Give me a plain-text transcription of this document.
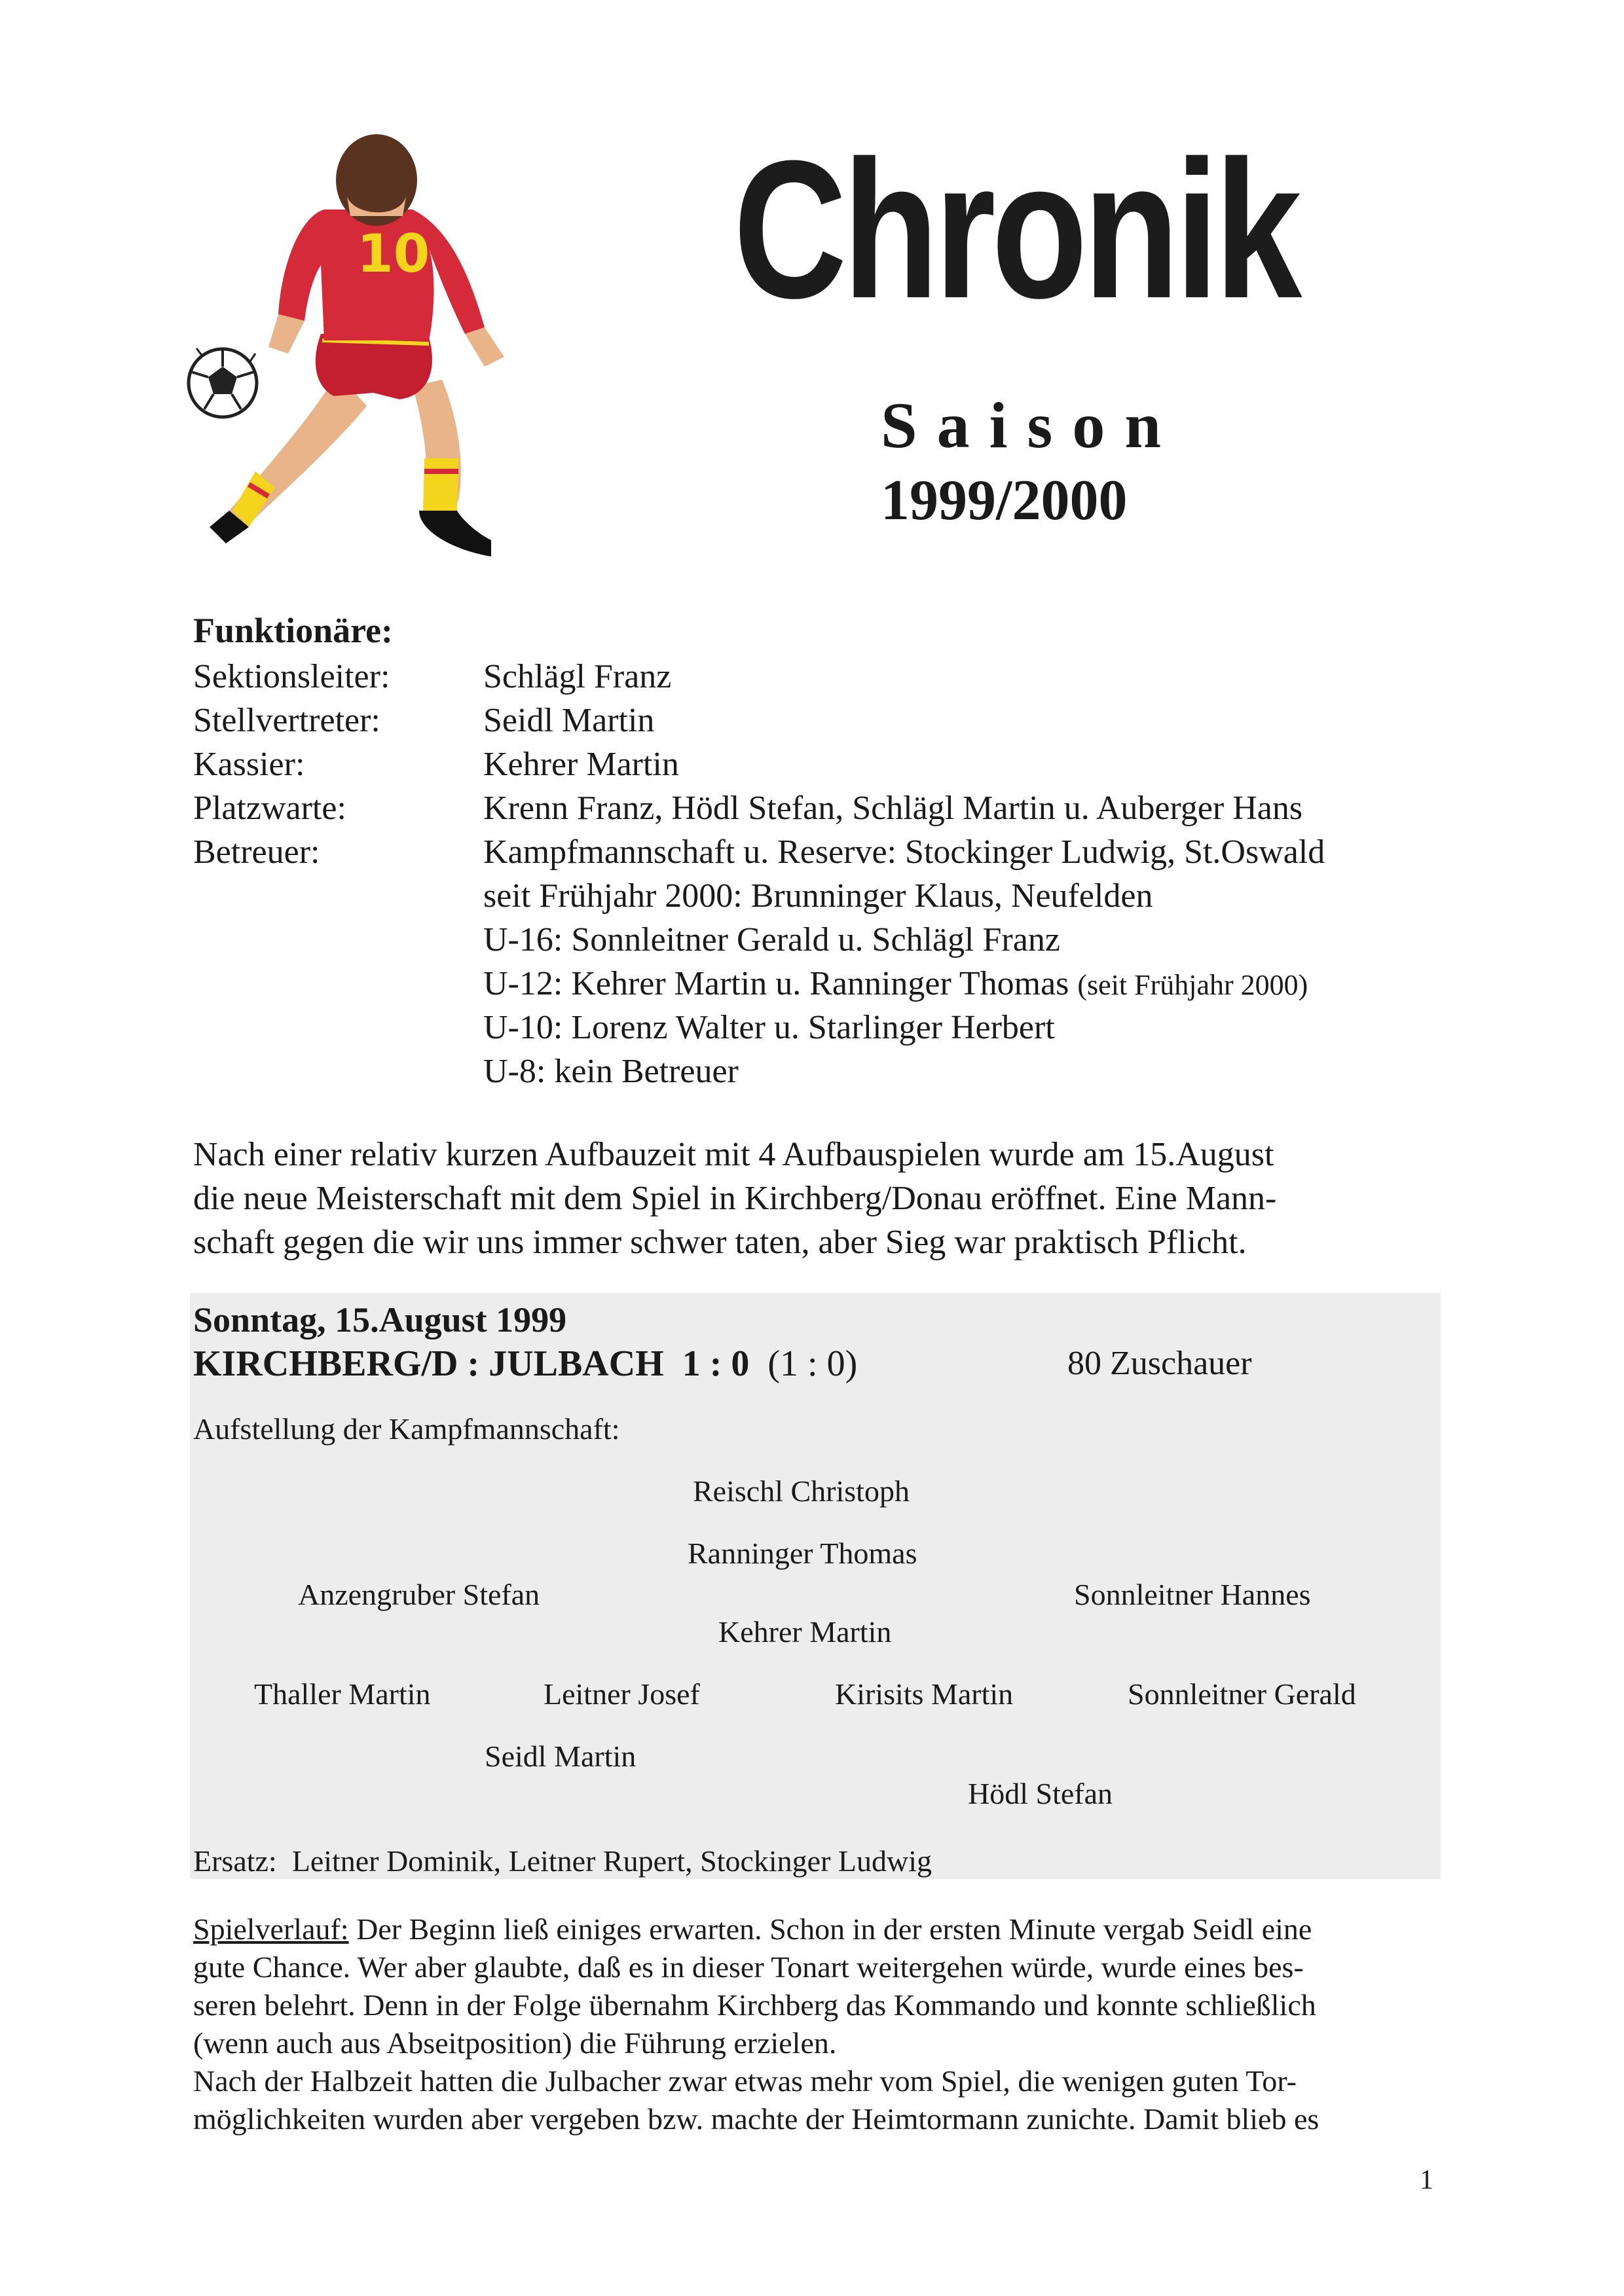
10 Chronik
Saison
1999/2000
Funktionäre:
Sektionsleiter:	Schlägl Franz
Stellvertreter:	Seidl Martin
Kassier:	Kehrer Martin
Platzwarte:	Krenn Franz, Hödl Stefan, Schlägl Martin u. Auberger Hans
Betreuer:	Kampfmannschaft u. Reserve: Stockinger Ludwig, St.Oswald
seit Frühjahr 2000: Brunninger Klaus, Neufelden
U-16: Sonnleitner Gerald u. Schlägl Franz
U-12: Kehrer Martin u. Ranninger Thomas (seit Frühjahr 2000)
U-10: Lorenz Walter u. Starlinger Herbert
U-8: kein Betreuer

Nach einer relativ kurzen Aufbauzeit mit 4 Aufbauspielen wurde am 15.August

die neue Meisterschaft mit dem Spiel in Kirchberg/Donau eröffnet. Eine Mann-

schaft gegen die wir uns immer schwer taten, aber Sieg war praktisch Pflicht.

Sonntag, 15.August 1999
KIRCHBERG/D : JULBACH 1 : 0 (1 : 0)	80 Zuschauer
Aufstellung der Kampfmannschaft:
Reischl Christoph
Ranninger Thomas
Anzengruber Stefan	Sonnleitner Hannes
Kehrer Martin
Thaller Martin	Leitner Josef	Kirisits Martin	Sonnleitner Gerald
Seidl Martin
Hödl Stefan
Ersatz: Leitner Dominik, Leitner Rupert, Stockinger Ludwig

Spielverlauf: Der Beginn ließ einiges erwarten. Schon in der ersten Minute vergab Seidl eine

gute Chance. Wer aber glaubte, daß es in dieser Tonart weitergehen würde, wurde eines bes-

seren belehrt. Denn in der Folge übernahm Kirchberg das Kommando und konnte schließlich

(wenn auch aus Abseitposition) die Führung erzielen.

Nach der Halbzeit hatten die Julbacher zwar etwas mehr vom Spiel, die wenigen guten Tor-

möglichkeiten wurden aber vergeben bzw. machte der Heimtormann zunichte. Damit blieb es

1
